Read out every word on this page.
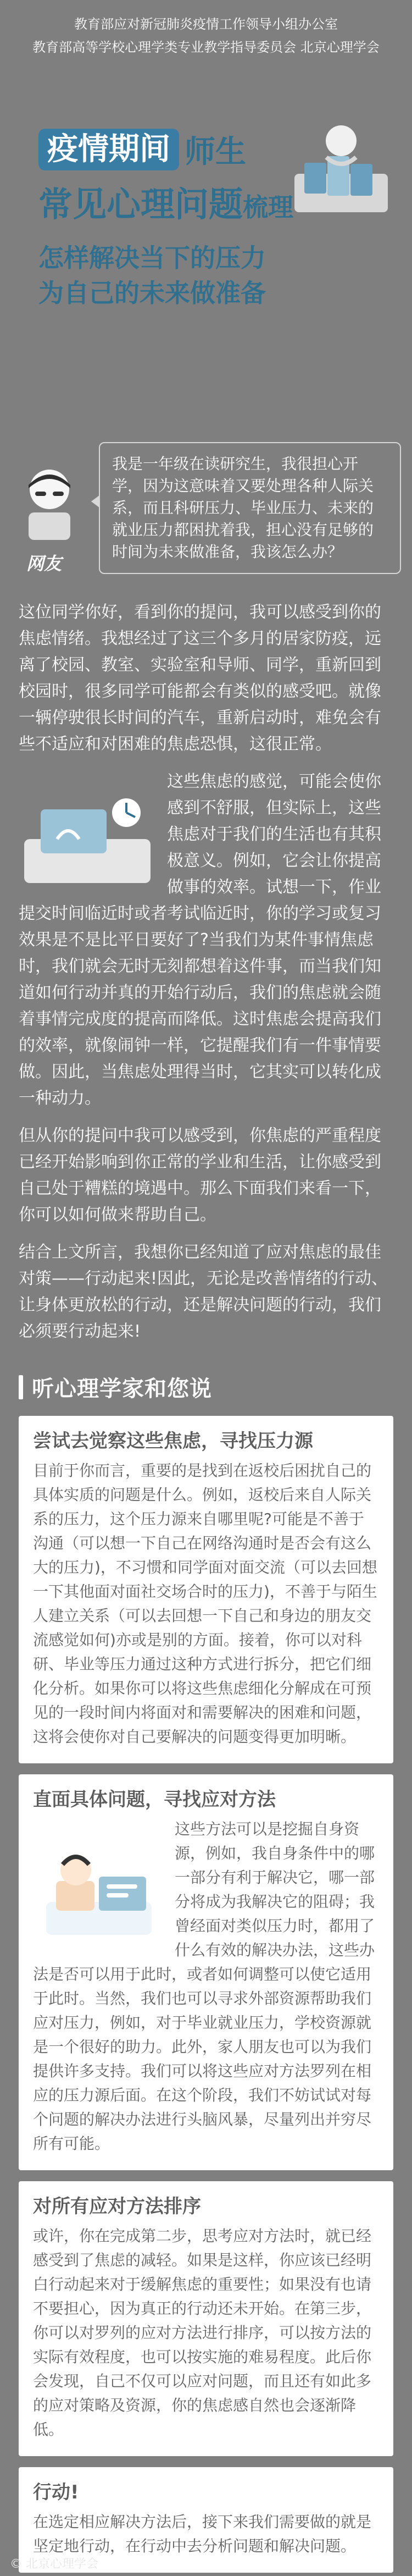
教育部应对新冠肺炎疫情工作领导小组办公室
教育部高等学校心理学类专业教学指导委员会 北京心理学会
疫情期间 师生
常见心理问题梳理
怎样解决当下的压力
为自己的未来做准备
网友
我是一年级在读研究生，我很担心开学，因为这意味着又要处理各种人际关系，而且科研压力、毕业压力、未来的就业压力都困扰着我，担心没有足够的时间为未来做准备，我该怎么办？

这位同学你好，看到你的提问，我可以感受到你的焦虑情绪。我想经过了这三个多月的居家防疫，远离了校园、教室、实验室和导师、同学，重新回到校园时，很多同学可能都会有类似的感受吧。就像一辆停驶很长时间的汽车，重新启动时，难免会有些不适应和对困难的焦虑恐惧，这很正常。

这些焦虑的感觉，可能会使你感到不舒服，但实际上，这些焦虑对于我们的生活也有其积极意义。例如，它会让你提高做事的效率。试想一下，作业提交时间临近时或者考试临近时，你的学习或复习效果是不是比平日要好了?当我们为某件事情焦虑时，我们就会无时无刻都想着这件事，而当我们知道如何行动并真的开始行动后，我们的焦虑就会随着事情完成度的提高而降低。这时焦虑会提高我们的效率，就像闹钟一样，它提醒我们有一件事情要做。因此，当焦虑处理得当时，它其实可以转化成一种动力。

但从你的提问中我可以感受到，你焦虑的严重程度已经开始影响到你正常的学业和生活，让你感受到自己处于糟糕的境遇中。那么下面我们来看一下，你可以如何做来帮助自己。

结合上文所言，我想你已经知道了应对焦虑的最佳对策——行动起来!因此，无论是改善情绪的行动、让身体更放松的行动，还是解决问题的行动，我们必须要行动起来!

听心理学家和您说
尝试去觉察这些焦虑，寻找压力源
目前于你而言，重要的是找到在返校后困扰自己的具体实质的问题是什么。例如，返校后来自人际关系的压力，这个压力源来自哪里呢?可能是不善于沟通（可以想一下自己在网络沟通时是否会有这么大的压力)，不习惯和同学面对面交流（可以去回想一下其他面对面社交场合时的压力)，不善于与陌生人建立关系（可以去回想一下自己和身边的朋友交流感觉如何)亦或是别的方面。接着，你可以对科研、毕业等压力通过这种方式进行拆分，把它们细化分析。如果你可以将这些焦虑细化分解成在可预见的一段时间内将面对和需要解决的困难和问题，这将会使你对自己要解决的问题变得更加明晰。
直面具体问题，寻找应对方法
这些方法可以是挖掘自身资源，例如，我自身条件中的哪一部分有利于解决它，哪一部分将成为我解决它的阻碍；我曾经面对类似压力时，都用了什么有效的解决办法，这些办法是否可以用于此时，或者如何调整可以使它适用于此时。当然，我们也可以寻求外部资源帮助我们应对压力，例如，对于毕业就业压力，学校资源就是一个很好的助力。此外，家人朋友也可以为我们提供许多支持。我们可以将这些应对方法罗列在相应的压力源后面。在这个阶段，我们不妨试试对每个问题的解决办法进行头脑风暴，尽量列出并穷尽所有可能。
对所有应对方法排序
或许，你在完成第二步，思考应对方法时，就已经感受到了焦虑的减轻。如果是这样，你应该已经明白行动起来对于缓解焦虑的重要性；如果没有也请不要担心，因为真正的行动还未开始。在第三步，你可以对罗列的应对方法进行排序，可以按方法的实际有效程度，也可以按实施的难易程度。此后你会发现，自己不仅可以应对问题，而且还有如此多的应对策略及资源，你的焦虑感自然也会逐渐降低。
行动!
在选定相应解决方法后，接下来我们需要做的就是坚定地行动，在行动中去分析问题和解决问题。
© 北京心理学会
